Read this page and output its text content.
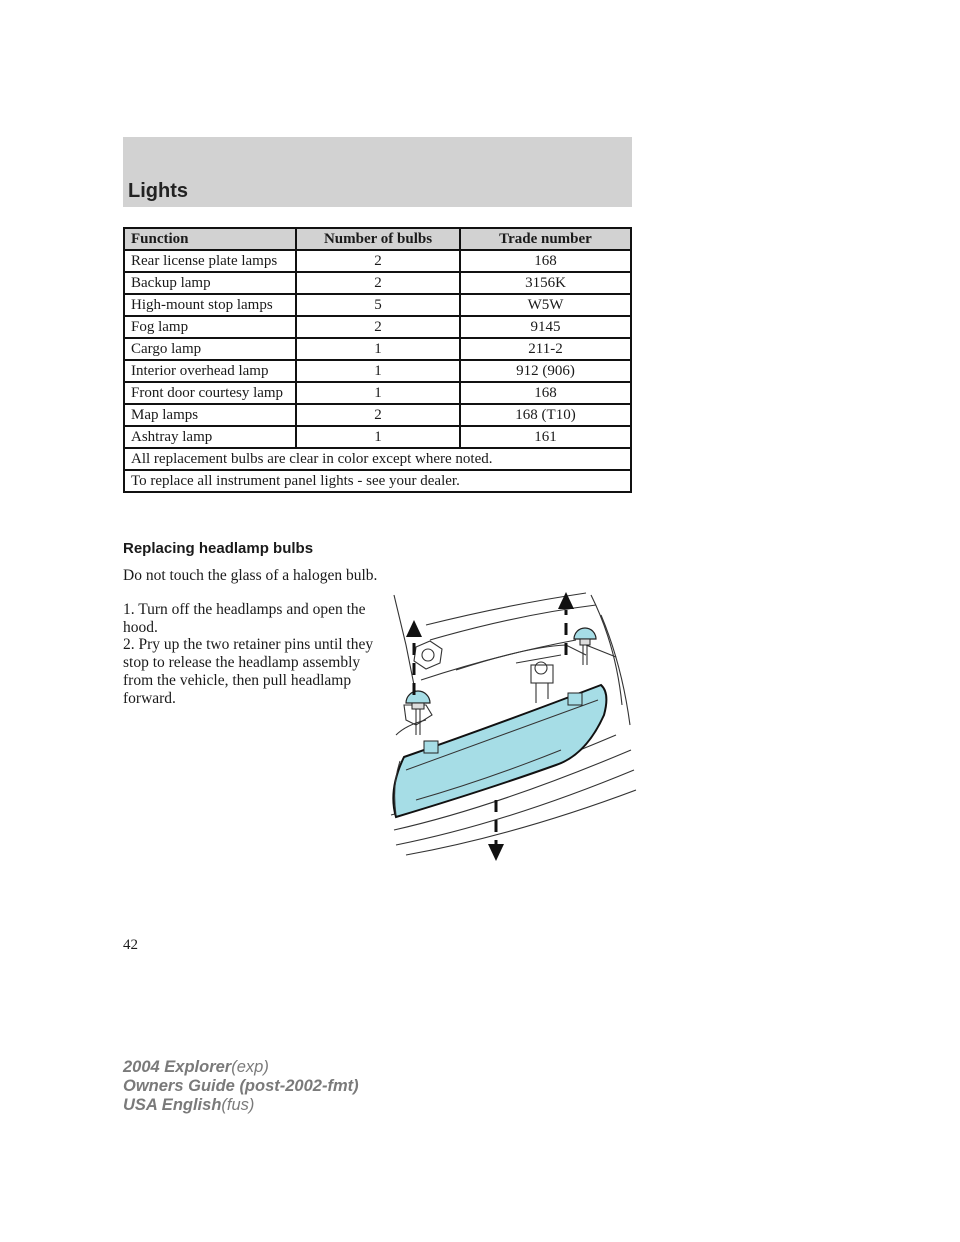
Lights
Function	Number of bulbs	Trade number
Rear license plate lamps	2	168
Backup lamp	2	3156K
High-mount stop lamps	5	W5W
Fog lamp	2	9145
Cargo lamp	1	211-2
Interior overhead lamp	1	912 (906)
Front door courtesy lamp	1	168
Map lamps	2	168 (T10)
Ashtray lamp	1	161
All replacement bulbs are clear in color except where noted.		
To replace all instrument panel lights - see your dealer.		
Replacing headlamp bulbs

Do not touch the glass of a halogen bulb.

1. Turn off the headlamps and open the hood.

2. Pry up the two retainer pins until they stop to release the headlamp assembly from the vehicle, then pull headlamp forward.

42
2004 Explorer(exp)
Owners Guide (post-2002-fmt)
USA English(fus)
